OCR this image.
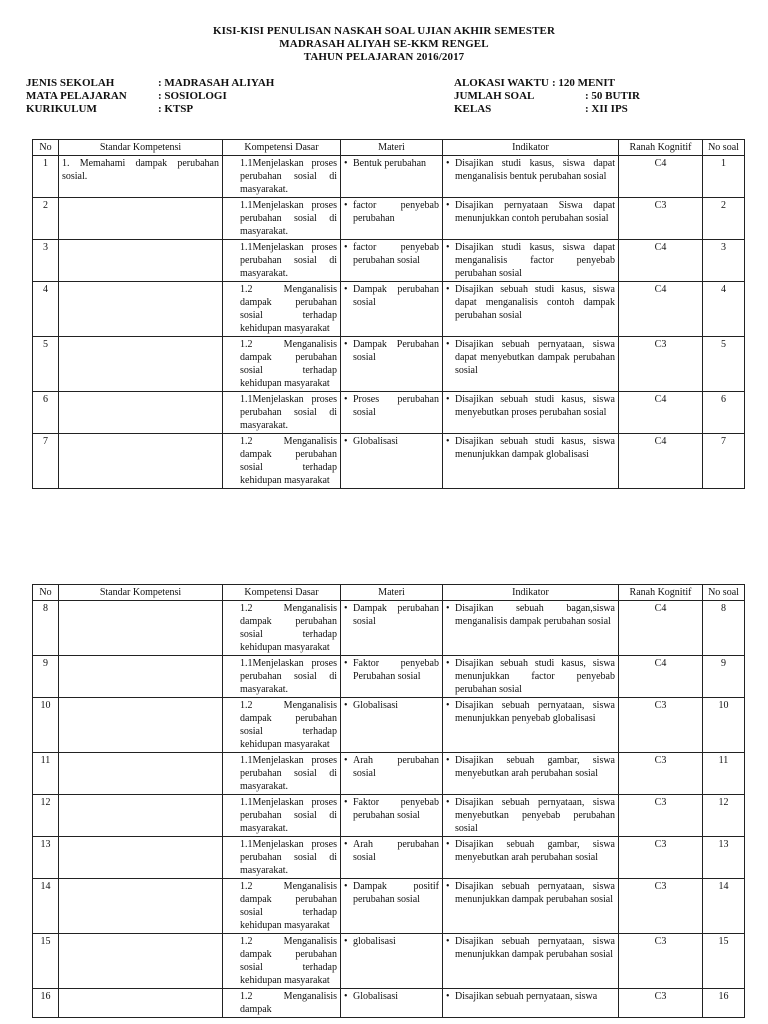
KISI-KISI PENULISAN NASKAH SOAL UJIAN AKHIR SEMESTER
MADRASAH ALIYAH SE-KKM RENGEL
TAHUN PELAJARAN 2016/2017
JENIS SEKOLAH	: MADRASAH ALIYAH
MATA PELAJARAN	: SOSIOLOGI
KURIKULUM	: KTSP
ALOKASI WAKTU : 120 MENIT
JUMLAH SOAL	: 50 BUTIR
KELAS	: XII IPS
No	Standar Kompetensi	Kompetensi Dasar	Materi	Indikator	Ranah Kognitif	No soal

1	1. Memahami dampak perubahan sosial.	1.1Menjelaskan proses perubahan sosial di masyarakat.	• Bentuk perubahan	• Disajikan studi kasus, siswa dapat menganalisis bentuk perubahan sosial	C4	1

2		1.1Menjelaskan proses perubahan sosial di masyarakat.	• factor penyebab perubahan	• Disajikan pernyataan Siswa dapat menunjukkan contoh perubahan sosial	C3	2

3		1.1Menjelaskan proses perubahan sosial di masyarakat.	• factor penyebab perubahan sosial	• Disajikan studi kasus, siswa dapat menganalisis factor penyebab perubahan sosial	C4	3

4		1.2 Menganalisis dampak perubahan sosial terhadap kehidupan masyarakat	• Dampak perubahan sosial	• Disajikan sebuah studi kasus, siswa dapat menganalisis contoh dampak perubahan sosial	C4	4

5		1.2 Menganalisis dampak perubahan sosial terhadap kehidupan masyarakat	• Dampak Perubahan sosial	• Disajikan sebuah pernyataan, siswa dapat menyebutkan dampak perubahan sosial	C3	5

6		1.1Menjelaskan proses perubahan sosial di masyarakat.	• Proses perubahan sosial	• Disajikan sebuah studi kasus, siswa menyebutkan proses perubahan sosial	C4	6

7		1.2 Menganalisis dampak perubahan sosial terhadap kehidupan masyarakat	• Globalisasi	• Disajikan sebuah studi kasus, siswa menunjukkan dampak globalisasi	C4	7
No	Standar Kompetensi	Kompetensi Dasar	Materi	Indikator	Ranah Kognitif	No soal

8		1.2 Menganalisis dampak perubahan sosial terhadap kehidupan masyarakat	• Dampak perubahan sosial	• Disajikan sebuah bagan,siswa menganalisis dampak perubahan sosial	C4	8

9		1.1Menjelaskan proses perubahan sosial di masyarakat.	• Faktor penyebab Perubahan sosial	• Disajikan sebuah studi kasus, siswa menunjukkan factor penyebab perubahan sosial	C4	9

10		1.2 Menganalisis dampak perubahan sosial terhadap kehidupan masyarakat	• Globalisasi	• Disajikan sebuah pernyataan, siswa menunjukkan penyebab globalisasi	C3	10

11		1.1Menjelaskan proses perubahan sosial di masyarakat.	• Arah perubahan sosial	• Disajikan sebuah gambar, siswa menyebutkan arah perubahan sosial	C3	11

12		1.1Menjelaskan proses perubahan sosial di masyarakat.	• Faktor penyebab perubahan sosial	• Disajikan sebuah pernyataan, siswa menyebutkan penyebab perubahan sosial	C3	12

13		1.1Menjelaskan proses perubahan sosial di masyarakat.	• Arah perubahan sosial	• Disajikan sebuah gambar, siswa menyebutkan arah perubahan sosial	C3	13

14		1.2 Menganalisis dampak perubahan sosial terhadap kehidupan masyarakat	• Dampak positif perubahan sosial	• Disajikan sebuah pernyataan, siswa menunjukkan dampak perubahan sosial	C3	14

15		1.2 Menganalisis dampak perubahan sosial terhadap kehidupan masyarakat	• globalisasi	• Disajikan sebuah pernyataan, siswa menunjukkan dampak perubahan sosial	C3	15

16		1.2 Menganalisis dampak	• Globalisasi	• Disajikan sebuah pernyataan, siswa	C3	16
